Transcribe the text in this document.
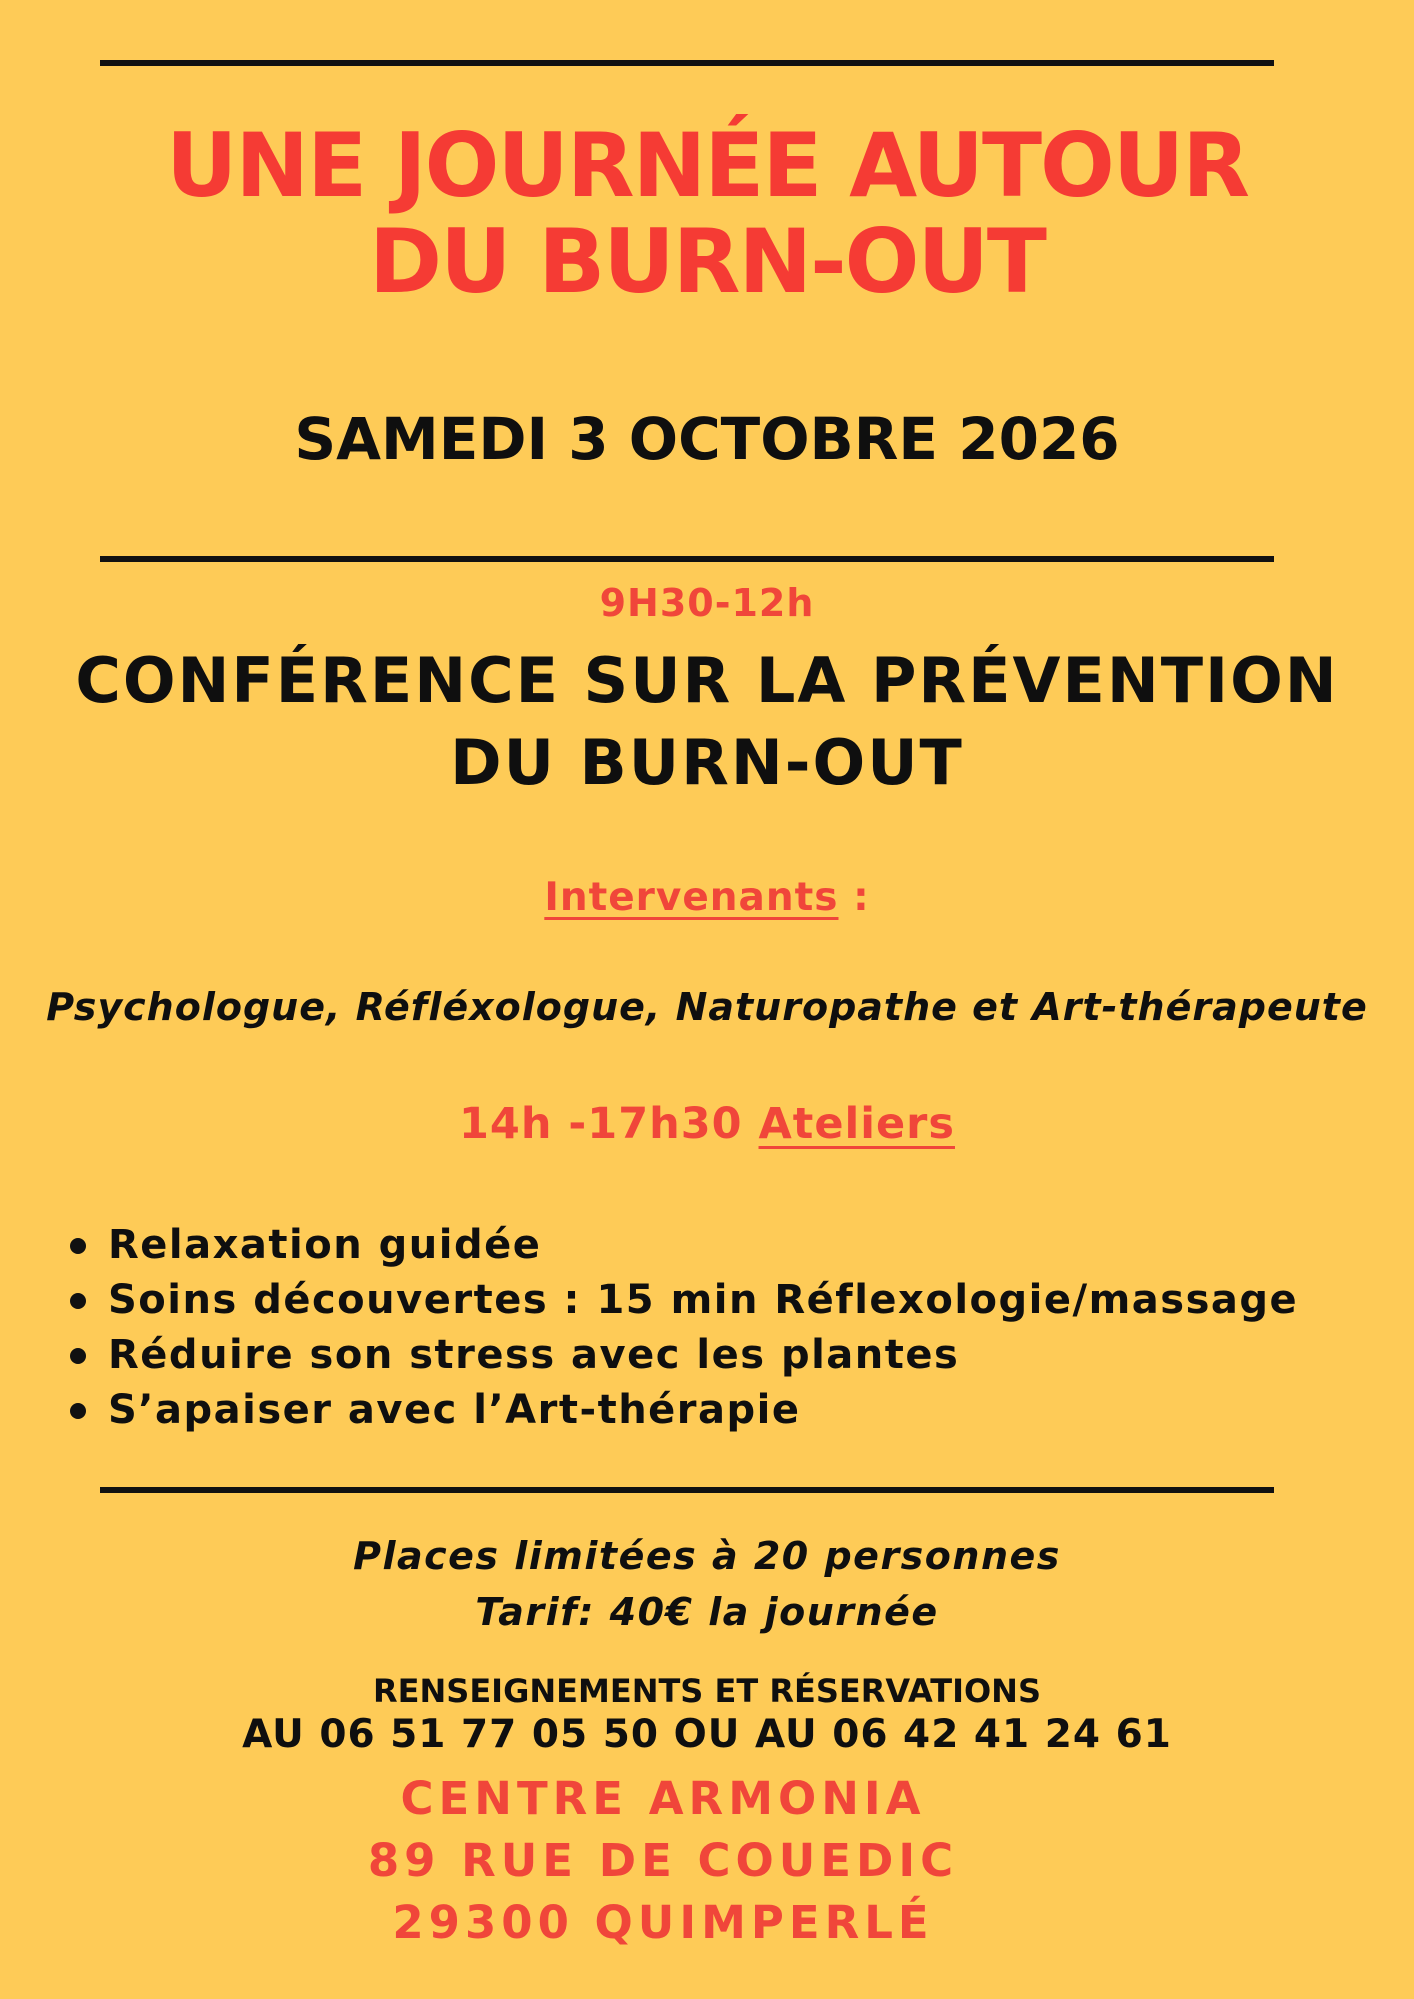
UNE JOURNÉE AUTOUR
DU BURN-OUT
SAMEDI 3 OCTOBRE 2026
9H30-12h
CONFÉRENCE SUR LA PRÉVENTION
DU BURN-OUT
Intervenants :
Psychologue, Réfléxologue, Naturopathe et Art-thérapeute
14h -17h30 Ateliers
Relaxation guidée
Soins découvertes : 15 min Réflexologie/massage
Réduire son stress avec les plantes
S’apaiser avec l’Art-thérapie
Places limitées à 20 personnes
Tarif: 40€ la journée
RENSEIGNEMENTS ET RÉSERVATIONS
AU 06 51 77 05 50 OU AU 06 42 41 24 61
CENTRE ARMONIA
89 RUE DE COUEDIC
29300 QUIMPERLÉ
